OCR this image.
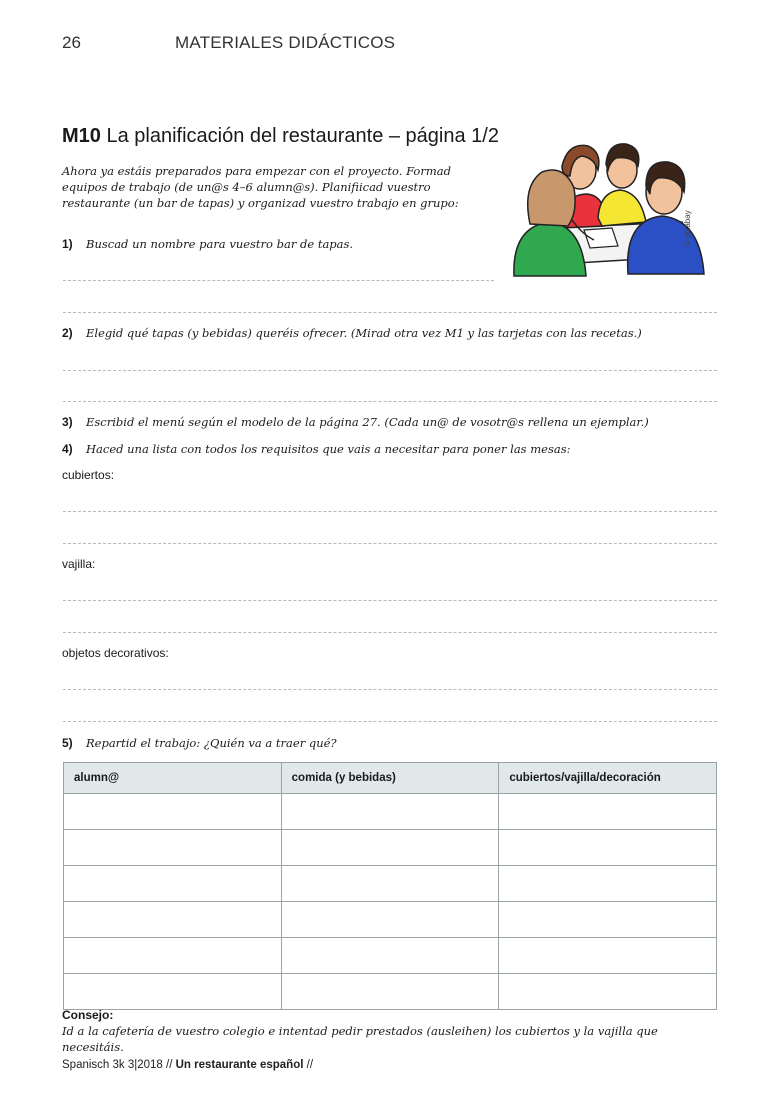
26	MATERIALES DIDÁCTICOS
M10 La planificación del restaurante – página 1/2
Ahora ya estáis preparados para empezar con el proyecto. Formad equipos de trabajo (de un@s 4–6 alumn@s). Planifiicad vuestro restaurante (un bar de tapas) y organizad vuestro trabajo en grupo:
© pixabay
1) Buscad un nombre para vuestro bar de tapas.
2) Elegid qué tapas (y bebidas) queréis ofrecer. (Mirad otra vez M1 y las tarjetas con las recetas.)
3) Escribid el menú según el modelo de la página 27. (Cada un@ de vosotr@s rellena un ejemplar.)
4) Haced una lista con todos los requisitos que vais a necesitar para poner las mesas:
cubiertos:
vajilla:
objetos decorativos:
5) Repartid el trabajo: ¿Quién va a traer qué?
alumn@	comida (y bebidas)	cubiertos/vajilla/decoración

Consejo:
Id a la cafetería de vuestro colegio e intentad pedir prestados (ausleihen) los cubiertos y la vajilla que necesitáis.
Spanisch 3k 3|2018 // Un restaurante español //
